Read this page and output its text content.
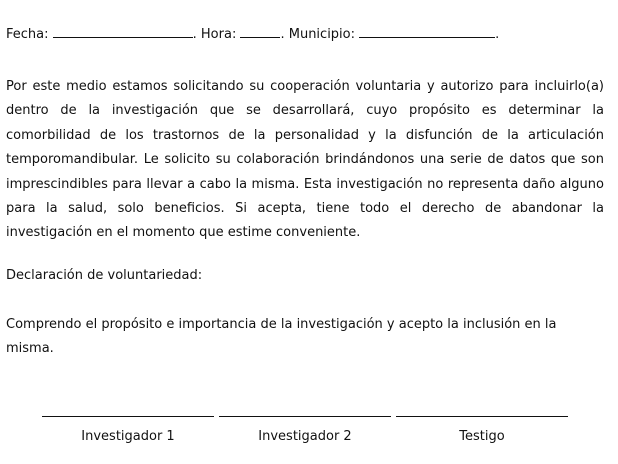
Fecha:	. Hora:	. Municipio:	.
Por este medio estamos solicitando su cooperación voluntaria y autorizo para incluirlo(a) dentro de la investigación que se desarrollará, cuyo propósito es determinar la comorbilidad de los trastornos de la personalidad y la disfunción de la articulación temporomandibular. Le solicito su colaboración brindándonos una serie de datos que son imprescindibles para llevar a cabo la misma. Esta investigación no representa daño alguno para la salud, solo beneficios. Si acepta, tiene todo el derecho de abandonar la investigación en el momento que estime conveniente.
Declaración de voluntariedad:
Comprendo el propósito e importancia de la investigación y acepto la inclusión en la misma.
Investigador 1	Investigador 2	Testigo
